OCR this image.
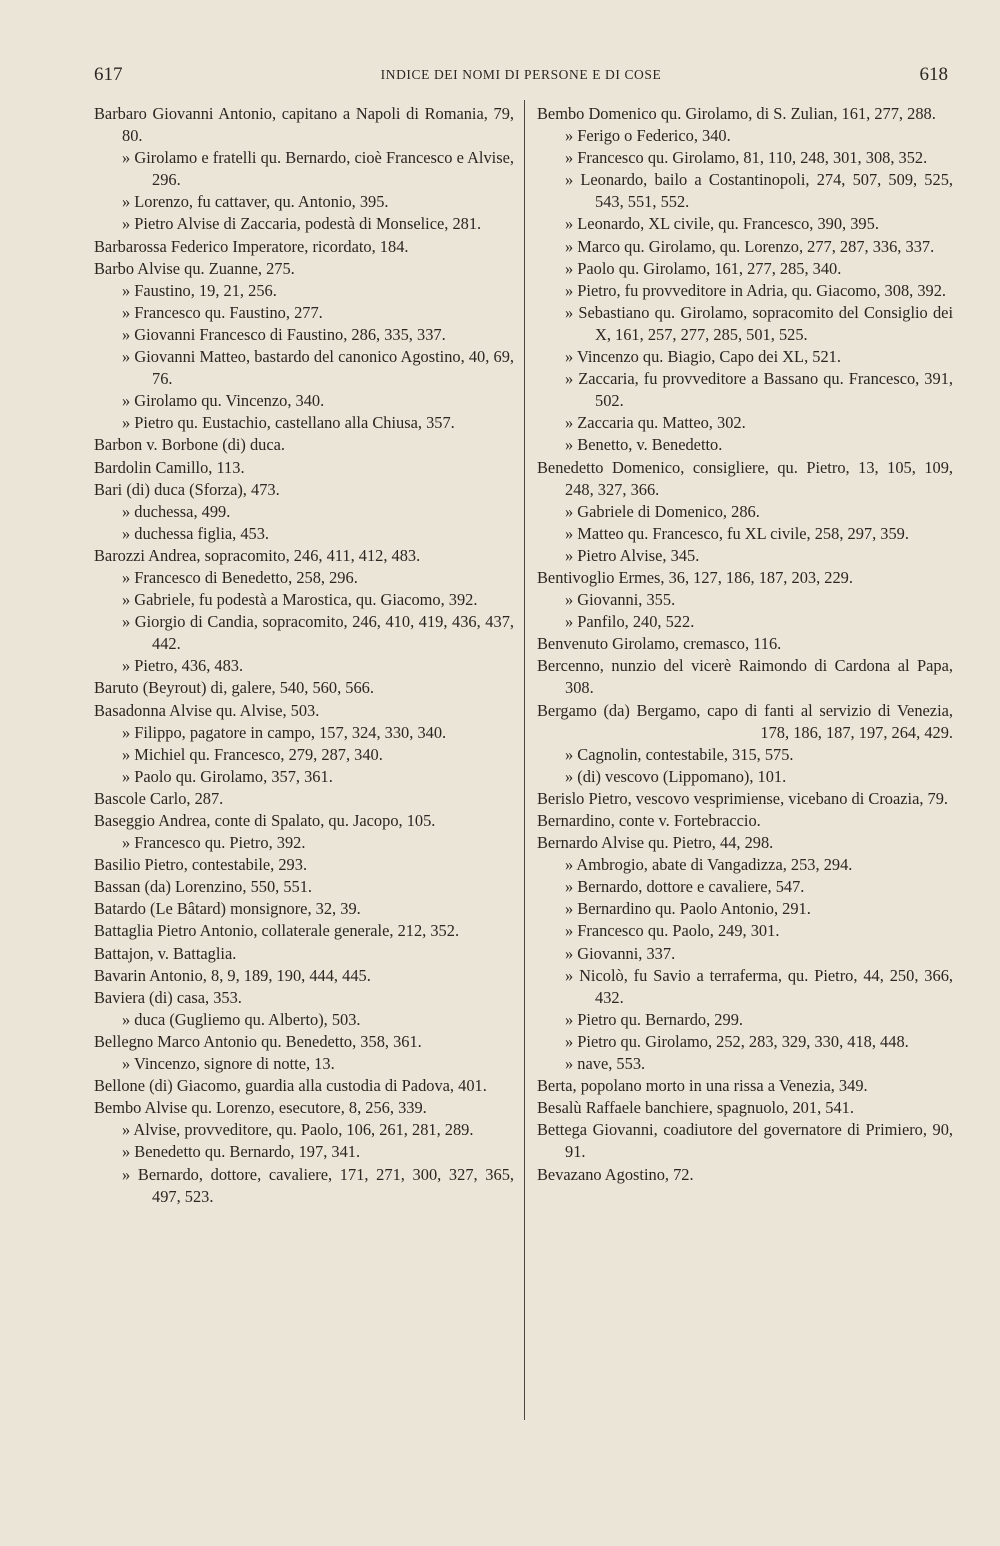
617	INDICE DEI NOMI DI PERSONE E DI COSE	618

Barbaro Giovanni Antonio, capitano a Napoli di Romania, 79, 80.

» Girolamo e fratelli qu. Bernardo, cioè Francesco e Alvise, 296.

» Lorenzo, fu cattaver, qu. Antonio, 395.

» Pietro Alvise di Zaccaria, podestà di Monselice, 281.

Barbarossa Federico Imperatore, ricordato, 184.

Barbo Alvise qu. Zuanne, 275.

» Faustino, 19, 21, 256.

» Francesco qu. Faustino, 277.

» Giovanni Francesco di Faustino, 286, 335, 337.

» Giovanni Matteo, bastardo del canonico Agostino, 40, 69, 76.

» Girolamo qu. Vincenzo, 340.

» Pietro qu. Eustachio, castellano alla Chiusa, 357.

Barbon v. Borbone (di) duca.

Bardolin Camillo, 113.

Bari (di) duca (Sforza), 473.

» duchessa, 499.

» duchessa figlia, 453.

Barozzi Andrea, sopracomito, 246, 411, 412, 483.

» Francesco di Benedetto, 258, 296.

» Gabriele, fu podestà a Marostica, qu. Giacomo, 392.

» Giorgio di Candia, sopracomito, 246, 410, 419, 436, 437, 442.

» Pietro, 436, 483.

Baruto (Beyrout) di, galere, 540, 560, 566.

Basadonna Alvise qu. Alvise, 503.

» Filippo, pagatore in campo, 157, 324, 330, 340.

» Michiel qu. Francesco, 279, 287, 340.

» Paolo qu. Girolamo, 357, 361.

Bascole Carlo, 287.

Baseggio Andrea, conte di Spalato, qu. Jacopo, 105.

» Francesco qu. Pietro, 392.

Basilio Pietro, contestabile, 293.

Bassan (da) Lorenzino, 550, 551.

Batardo (Le Bâtard) monsignore, 32, 39.

Battaglia Pietro Antonio, collaterale generale, 212, 352.

Battajon, v. Battaglia.

Bavarin Antonio, 8, 9, 189, 190, 444, 445.

Baviera (di) casa, 353.

» duca (Gugliemo qu. Alberto), 503.

Bellegno Marco Antonio qu. Benedetto, 358, 361.

» Vincenzo, signore di notte, 13.

Bellone (di) Giacomo, guardia alla custodia di Padova, 401.

Bembo Alvise qu. Lorenzo, esecutore, 8, 256, 339.

» Alvise, provveditore, qu. Paolo, 106, 261, 281, 289.

» Benedetto qu. Bernardo, 197, 341.

» Bernardo, dottore, cavaliere, 171, 271, 300, 327, 365, 497, 523.

Bembo Domenico qu. Girolamo, di S. Zulian, 161, 277, 288.

» Ferigo o Federico, 340.

» Francesco qu. Girolamo, 81, 110, 248, 301, 308, 352.

» Leonardo, bailo a Costantinopoli, 274, 507, 509, 525, 543, 551, 552.

» Leonardo, XL civile, qu. Francesco, 390, 395.

» Marco qu. Girolamo, qu. Lorenzo, 277, 287, 336, 337.

» Paolo qu. Girolamo, 161, 277, 285, 340.

» Pietro, fu provveditore in Adria, qu. Giacomo, 308, 392.

» Sebastiano qu. Girolamo, sopracomito del Consiglio dei X, 161, 257, 277, 285, 501, 525.

» Vincenzo qu. Biagio, Capo dei XL, 521.

» Zaccaria, fu provveditore a Bassano qu. Francesco, 391, 502.

» Zaccaria qu. Matteo, 302.

» Benetto, v. Benedetto.

Benedetto Domenico, consigliere, qu. Pietro, 13, 105, 109, 248, 327, 366.

» Gabriele di Domenico, 286.

» Matteo qu. Francesco, fu XL civile, 258, 297, 359.

» Pietro Alvise, 345.

Bentivoglio Ermes, 36, 127, 186, 187, 203, 229.

» Giovanni, 355.

» Panfilo, 240, 522.

Benvenuto Girolamo, cremasco, 116.

Bercenno, nunzio del vicerè Raimondo di Cardona al Papa, 308.

Bergamo (da) Bergamo, capo di fanti al servizio di Venezia, 178, 186, 187, 197, 264, 429.

» Cagnolin, contestabile, 315, 575.

» (di) vescovo (Lippomano), 101.

Berislo Pietro, vescovo vesprimiense, vicebano di Croazia, 79.

Bernardino, conte v. Fortebraccio.

Bernardo Alvise qu. Pietro, 44, 298.

» Ambrogio, abate di Vangadizza, 253, 294.

» Bernardo, dottore e cavaliere, 547.

» Bernardino qu. Paolo Antonio, 291.

» Francesco qu. Paolo, 249, 301.

» Giovanni, 337.

» Nicolò, fu Savio a terraferma, qu. Pietro, 44, 250, 366, 432.

» Pietro qu. Bernardo, 299.

» Pietro qu. Girolamo, 252, 283, 329, 330, 418, 448.

» nave, 553.

Berta, popolano morto in una rissa a Venezia, 349.

Besalù Raffaele banchiere, spagnuolo, 201, 541.

Bettega Giovanni, coadiutore del governatore di Primiero, 90, 91.

Bevazano Agostino, 72.
